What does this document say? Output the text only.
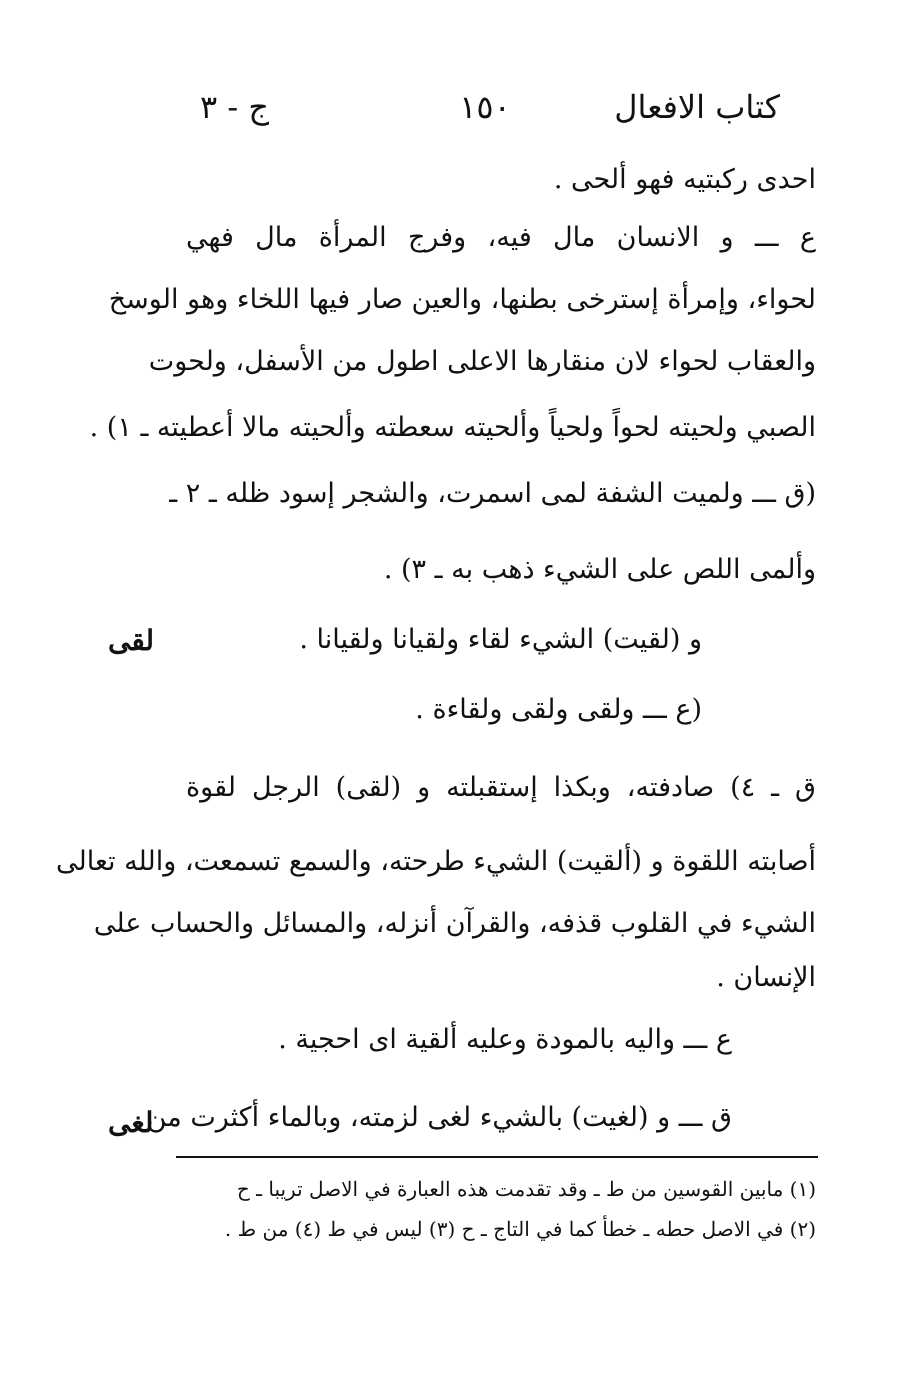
كتاب الافعال
١٥٠
ج - ٣
احدى ركبتيه فهو ألحى .
ع ـــ و الانسان مال فيه، وفرج المرأة مال فهي
لحواء، وإمرأة إسترخى بطنها، والعين صار فيها اللخاء وهو الوسخ
والعقاب لحواء لان منقارها الاعلى اطول من الأسفل، ولحوت
الصبي ولحيته لحواً ولحياً وألحيته سعطته وألحيته مالا أعطيته ـ ١) .
(ق ـــ ولميت الشفة لمى اسمرت، والشجر إسود ظله ـ ٢ ـ
وألمى اللص على الشيء ذهب به ـ ٣) .
لقى	و (لقيت) الشيء لقاء ولقيانا ولقيانا .
(ع ـــ ولقى ولقى ولقاءة .
ق ـ ٤) صادفته، وبكذا إستقبلته و (لقى) الرجل لقوة
أصابته اللقوة و (ألقيت) الشيء طرحته، والسمع تسمعت، والله تعالى
الشيء في القلوب قذفه، والقرآن أنزله، والمسائل والحساب على
الإنسان .
ع ـــ واليه بالمودة وعليه ألقية اى احجية .
لغى
ق ـــ و (لغيت) بالشيء لغى لزمته، وبالماء أكثرت من
(١) مابين القوسين من ط ـ وقد تقدمت هذه العبارة في الاصل تريبا ـ ح
(٢) في الاصل حطه ـ خطأ كما في التاج ـ ح (٣) ليس في ط (٤) من ط .
